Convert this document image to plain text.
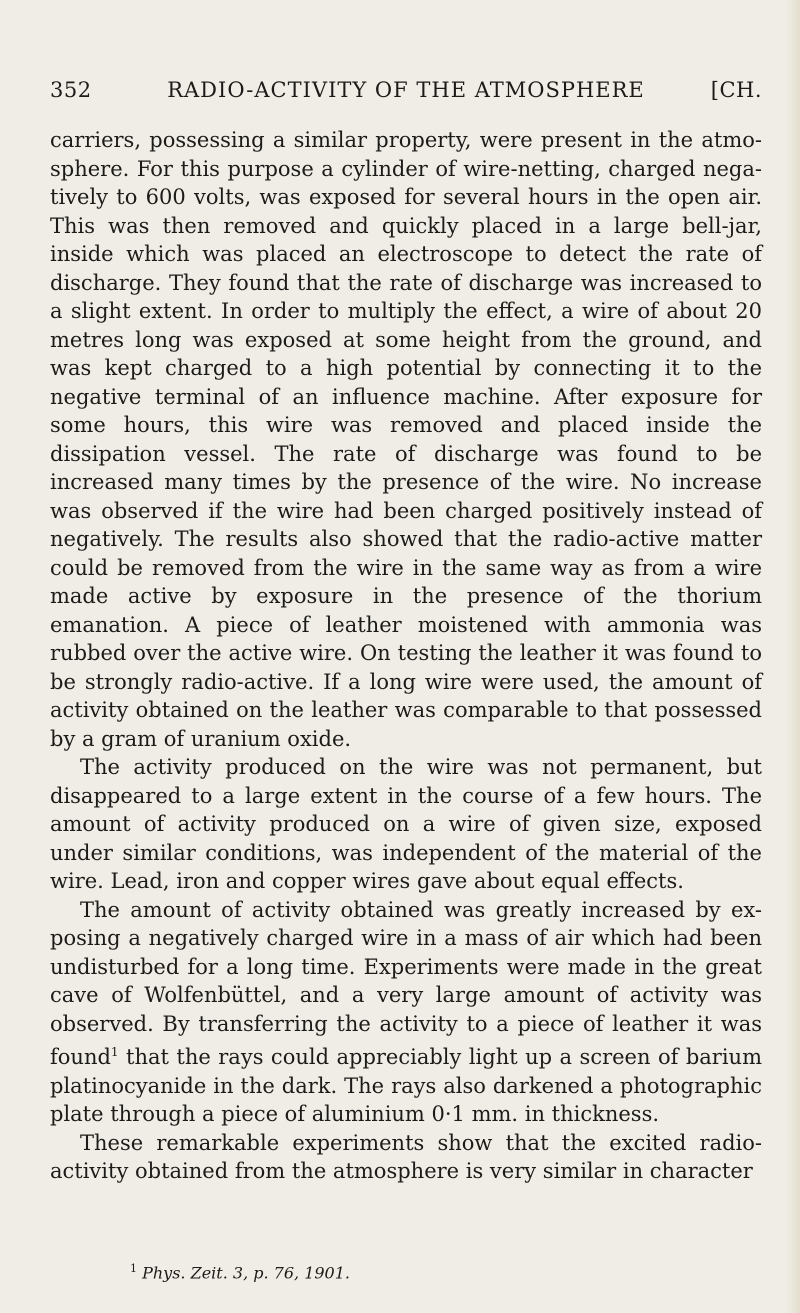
RADIO-ACTIVITY OF THE ATMOSPHERE
352	[CH.

carriers, possessing a similar property, were present in the atmo- sphere. For this purpose a cylinder of wire-netting, charged nega- tively to 600 volts, was exposed for several hours in the open air. This was then removed and quickly placed in a large bell-jar, inside which was placed an electroscope to detect the rate of discharge. They found that the rate of discharge was increased to a slight extent. In order to multiply the effect, a wire of about 20 metres long was exposed at some height from the ground, and was kept charged to a high potential by connecting it to the negative terminal of an influence machine. After exposure for some hours, this wire was removed and placed inside the dissipation vessel. The rate of discharge was found to be increased many times by the presence of the wire. No increase was observed if the wire had been charged positively instead of negatively. The results also showed that the radio-active matter could be removed from the wire in the same way as from a wire made active by exposure in the presence of the thorium emanation. A piece of leather moistened with ammonia was rubbed over the active wire. On testing the leather it was found to be strongly radio-active. If a long wire were used, the amount of activity obtained on the leather was comparable to that possessed by a gram of uranium oxide.

The activity produced on the wire was not permanent, but disappeared to a large extent in the course of a few hours. The amount of activity produced on a wire of given size, exposed under similar conditions, was independent of the material of the wire. Lead, iron and copper wires gave about equal effects.

The amount of activity obtained was greatly increased by ex- posing a negatively charged wire in a mass of air which had been undisturbed for a long time. Experiments were made in the great cave of Wolfenbüttel, and a very large amount of activity was observed. By transferring the activity to a piece of leather it was found$^1$ that the rays could appreciably light up a screen of barium platinocyanide in the dark. The rays also darkened a photographic plate through a piece of aluminium 0·1 mm. in thickness.

These remarkable experiments show that the excited radio- activity obtained from the atmosphere is very similar in character

$^1$ Phys. Zeit. 3, p. 76, 1901.
